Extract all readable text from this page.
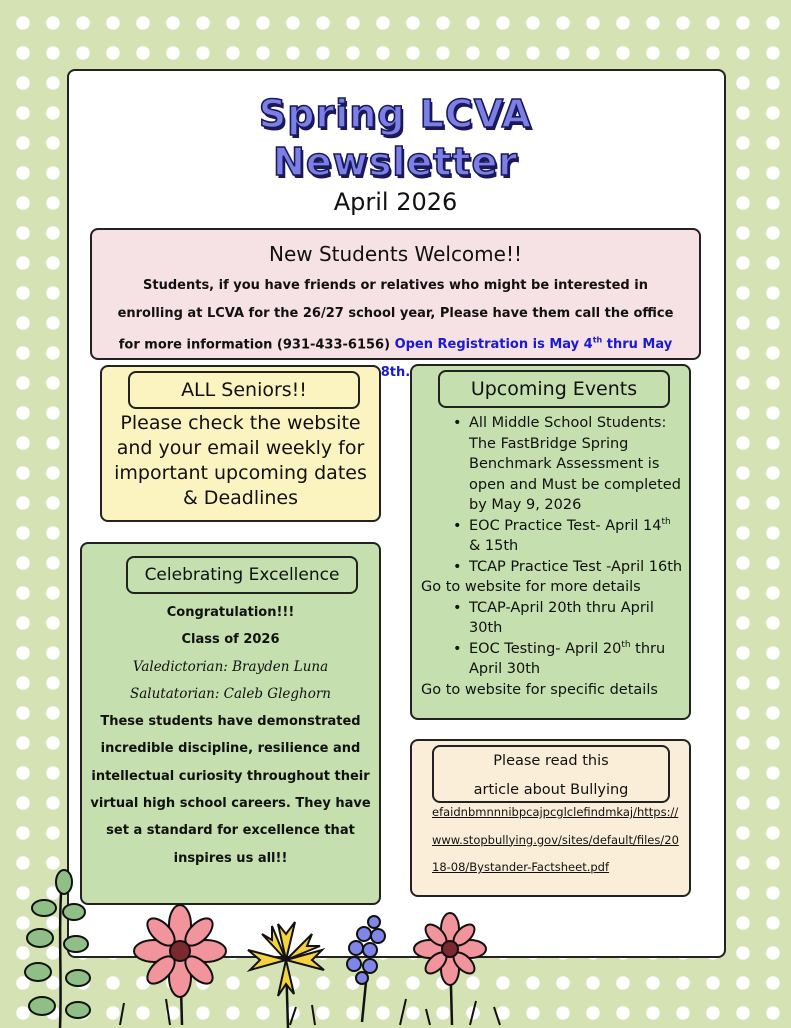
Spring LCVA
Newsletter
April 2026
New Students Welcome!!

Students, if you have friends or relatives who might be interested in enrolling at LCVA for the 26/27 school year, Please have them call the office for more information (931-433-6156) Open Registration is May 4th thru May 8th.

ALL Seniors!!
Please check the website and your email weekly for important upcoming dates & Deadlines
Upcoming Events
• All Middle School Students: The FastBridge Spring Benchmark Assessment is open and Must be completed by May 9, 2026
• EOC Practice Test- April 14th & 15th
• TCAP Practice Test -April 16th
Go to website for more details
• TCAP-April 20th thru April 30th
• EOC Testing- April 20th thru April 30th
Go to website for specific details
Celebrating Excellence
Congratulation!!!
Class of 2026
Valedictorian: Brayden Luna
Salutatorian: Caleb Gleghorn
These students have demonstrated incredible discipline, resilience and intellectual curiosity throughout their virtual high school careers. They have set a standard for excellence that inspires us all!!
Please read this
article about Bullying
efaidnbmnnnibpcajpcglclefindmkaj/https://www.stopbullying.gov/sites/default/files/2018-08/Bystander-Factsheet.pdf
